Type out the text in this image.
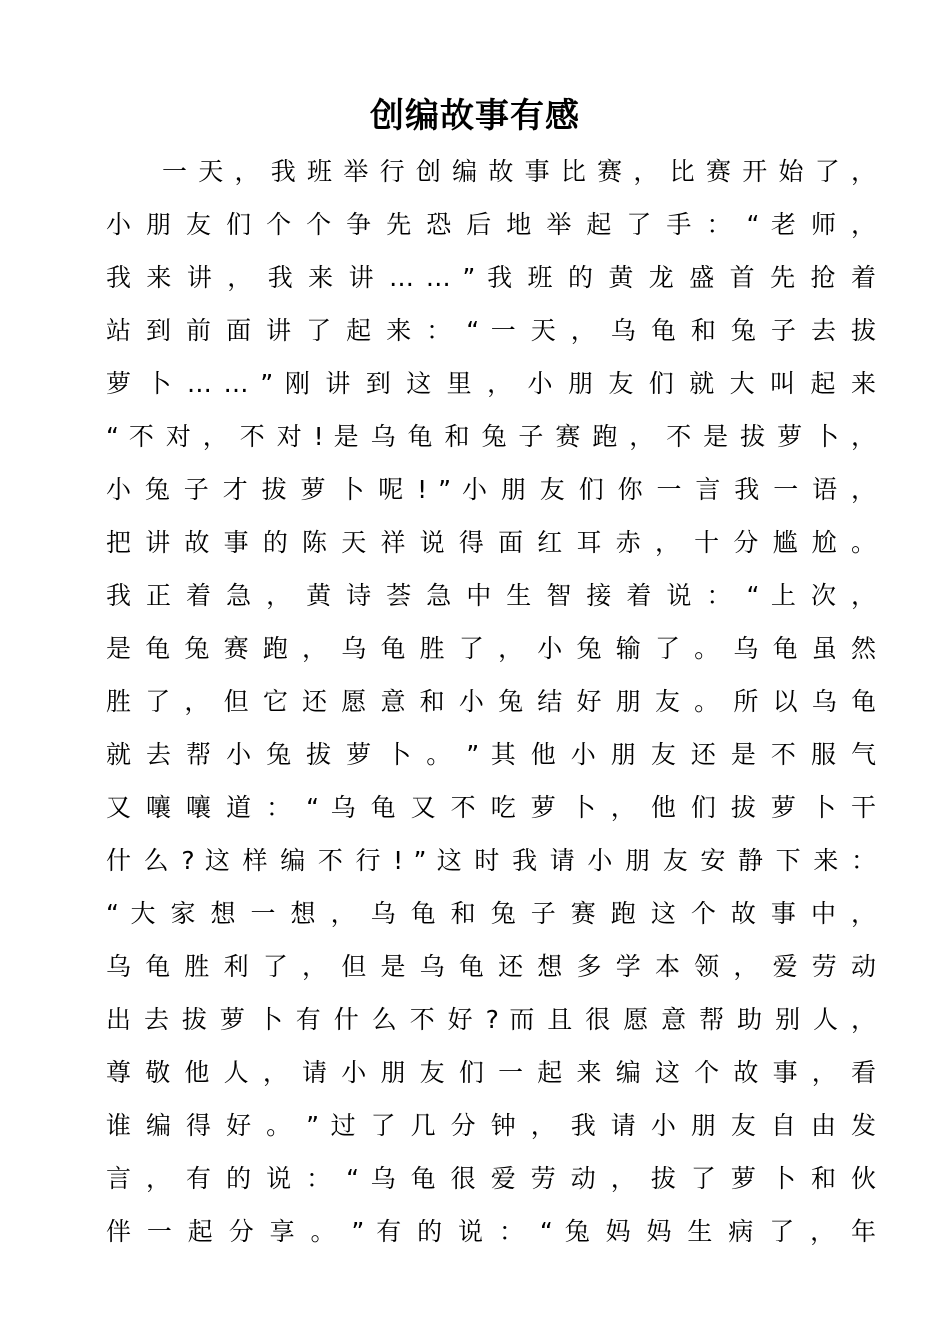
创编故事有感
一 天 ， 我 班 举 行 创 编 故 事 比 赛 ， 比 赛 开 始 了 ，
小 朋 友 们 个 个 争 先 恐 后 地 举 起 了 手 ： “ 老 师 ，
我 来 讲 ， 我 来 讲 … … ” 我 班 的 黄 龙 盛 首 先 抢 着
站 到 前 面 讲 了 起 来 ： “ 一 天 ， 乌 龟 和 兔 子 去 拔
萝 卜 … … ” 刚 讲 到 这 里 ， 小 朋 友 们 就 大 叫 起 来
“ 不 对 ， 不 对 ! 是 乌 龟 和 兔 子 赛 跑 ， 不 是 拔 萝 卜 ，
小 兔 子 才 拔 萝 卜 呢 ! ” 小 朋 友 们 你 一 言 我 一 语 ，
把 讲 故 事 的 陈 天 祥 说 得 面 红 耳 赤 ， 十 分 尴 尬 。
我 正 着 急 ， 黄 诗 荟 急 中 生 智 接 着 说 ： “ 上 次 ，
是 龟 兔 赛 跑 ， 乌 龟 胜 了 ， 小 兔 输 了 。 乌 龟 虽 然
胜 了 ， 但 它 还 愿 意 和 小 兔 结 好 朋 友 。 所 以 乌 龟
就 去 帮 小 兔 拔 萝 卜 。 ” 其 他 小 朋 友 还 是 不 服 气
又 嚷 嚷 道 ： “ 乌 龟 又 不 吃 萝 卜 ， 他 们 拔 萝 卜 干
什 么 ? 这 样 编 不 行 ! ” 这 时 我 请 小 朋 友 安 静 下 来 ：
“ 大 家 想 一 想 ， 乌 龟 和 兔 子 赛 跑 这 个 故 事 中 ，
乌 龟 胜 利 了 ， 但 是 乌 龟 还 想 多 学 本 领 ， 爱 劳 动
出 去 拔 萝 卜 有 什 么 不 好 ? 而 且 很 愿 意 帮 助 别 人 ，
尊 敬 他 人 ， 请 小 朋 友 们 一 起 来 编 这 个 故 事 ， 看
谁 编 得 好 。 ” 过 了 几 分 钟 ， 我 请 小 朋 友 自 由 发
言 ， 有 的 说 ： “ 乌 龟 很 爱 劳 动 ， 拔 了 萝 卜 和 伙
伴 一 起 分 享 。 ” 有 的 说 ： “ 兔 妈 妈 生 病 了 ， 年
